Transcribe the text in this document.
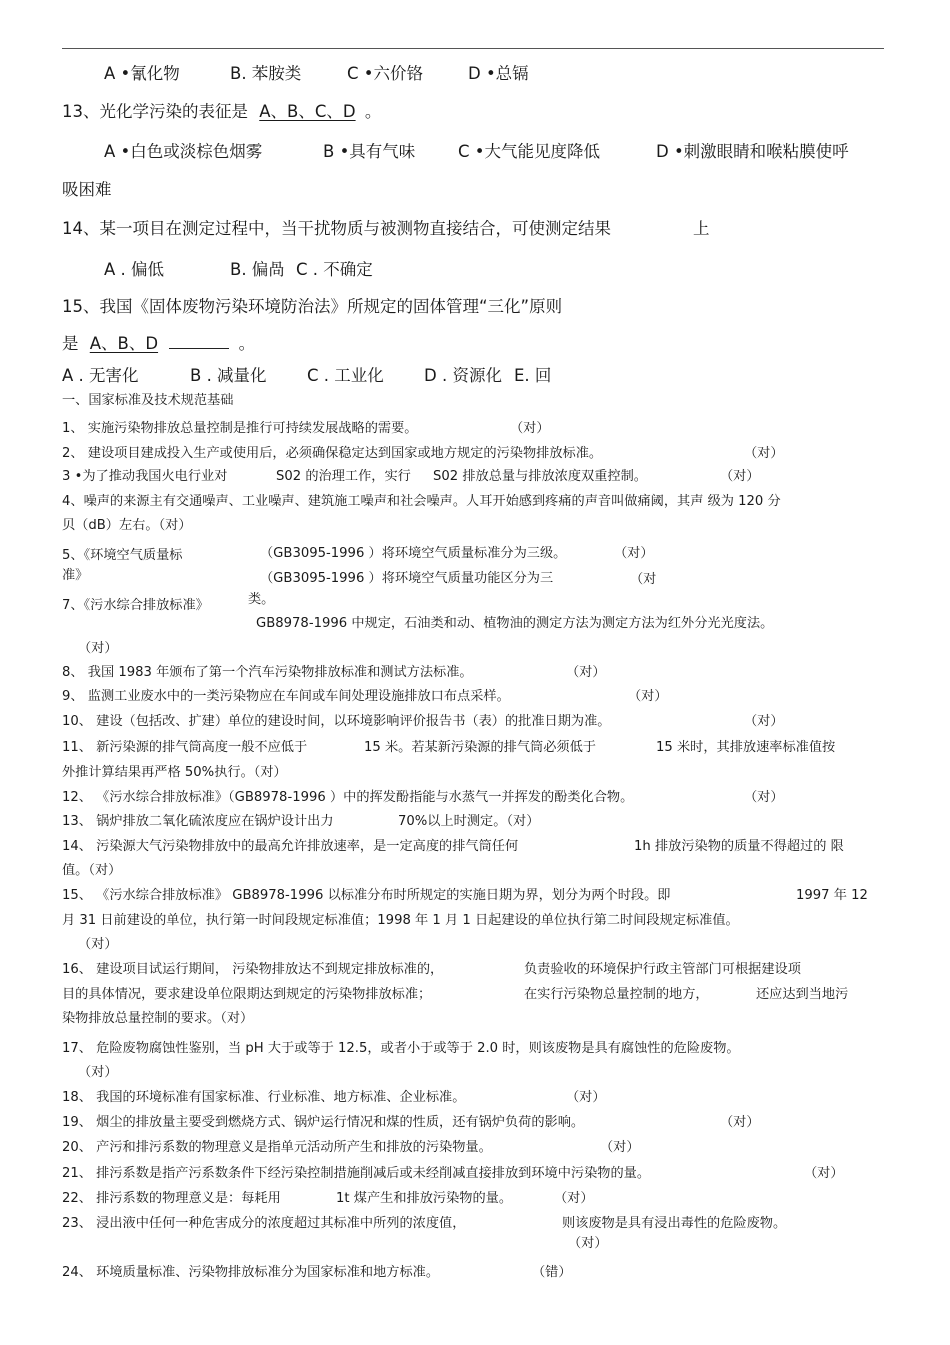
A •氰化物	B. 苯胺类	C •六价铬	D •总镉
13、光化学污染的表征是 A、B、C、D 。
A •白色或淡棕色烟雾	B •具有气味	C •大气能见度降低	D •刺激眼睛和喉粘膜使呼
吸困难
14、某一项目在测定过程中，当干扰物质与被测物直接结合，可使测定结果	上
A . 偏低	B. 偏咼 C . 不确定
15、我国《固体废物污染环境防治法》所规定的固体管理“三化”原则
是 A、B、D	。
A . 无害化	B . 减量化 C . 工业化 D . 资源化 E. 回
一、国家标准及技术规范基础
1、 实施污染物排放总量控制是推行可持续发展战略的需要。	（对）
2、 建设项目建成投入生产或使用后，必须确保稳定达到国家或地方规定的污染物排放标准。	（对）
3 •为了推动我国火电行业对	S02 的治理工作，实行 S02 排放总量与排放浓度双重控制。	（对）
4、噪声的来源主有交通噪声、工业噪声、建筑施工噪声和社会噪声。人耳开始感到疼痛的声音叫做痛阈，其声 级为 120 分
贝（dB）左右。（对）
5、《环境空气质量标
准》
（GB3095-1996 ）将环境空气质量标准分为三级。	（对）
（GB3095-1996 ）将环境空气质量功能区分为三	（对
类。
7、《污水综合排放标准》
GB8978-1996 中规定，石油类和动、植物油的测定方法为测定方法为红外分光光度法。
（对）
8、 我国 1983 年颁布了第一个汽车污染物排放标准和测试方法标准。	（对）
9、 监测工业废水中的一类污染物应在车间或车间处理设施排放口布点采样。	（对）
10、 建设（包括改、扩建）单位的建设时间，以环境影响评价报告书（表）的批准日期为准。	（对）
11、 新污染源的排气筒高度一般不应低于	15 米。若某新污染源的排气筒必须低于	15 米时，其排放速率标准值按
外推计算结果再严格 50%执行。（对）
12、 《污水综合排放标准》（GB8978-1996 ）中的挥发酚指能与水蒸气一并挥发的酚类化合物。	（对）
13、 锅炉排放二氧化硫浓度应在锅炉设计出力	70%以上时测定。（对）
14、 污染源大气污染物排放中的最高允许排放速率，是一定高度的排气筒任何	1h 排放污染物的质量不得超过的 限
值。（对）
15、 《污水综合排放标准》 GB8978-1996 以标准分布时所规定的实施日期为界，划分为两个时段。即	1997 年 12
月 31 日前建设的单位，执行第一时间段规定标准值；1998 年 1 月 1 日起建设的单位执行第二时间段规定标准值。
（对）
16、 建设项目试运行期间， 污染物排放达不到规定排放标准的，	负责验收的环境保护行政主管部门可根据建设项
目的具体情况，要求建设单位限期达到规定的污染物排放标准；	在实行污染物总量控制的地方，	还应达到当地污
染物排放总量控制的要求。（对）
17、 危险废物腐蚀性鉴别，当 pH 大于或等于 12.5，或者小于或等于 2.0 时，则该废物是具有腐蚀性的危险废物。
（对）
18、 我国的环境标准有国家标准、行业标准、地方标准、企业标准。	（对）
19、 烟尘的排放量主要受到燃烧方式、锅炉运行情况和煤的性质，还有锅炉负荷的影响。	（对）
20、 产污和排污系数的物理意义是指单元活动所产生和排放的污染物量。	（对）
21、 排污系数是指产污系数条件下经污染控制措施削减后或未经削减直接排放到环境中污染物的量。	（对）
22、 排污系数的物理意义是：每耗用	1t 煤产生和排放污染物的量。	（对）
23、 浸出液中任何一种危害成分的浓度超过其标准中所列的浓度值，	则该废物是具有浸出毒性的危险废物。
（对）
24、 环境质量标准、污染物排放标准分为国家标准和地方标准。	（错）
